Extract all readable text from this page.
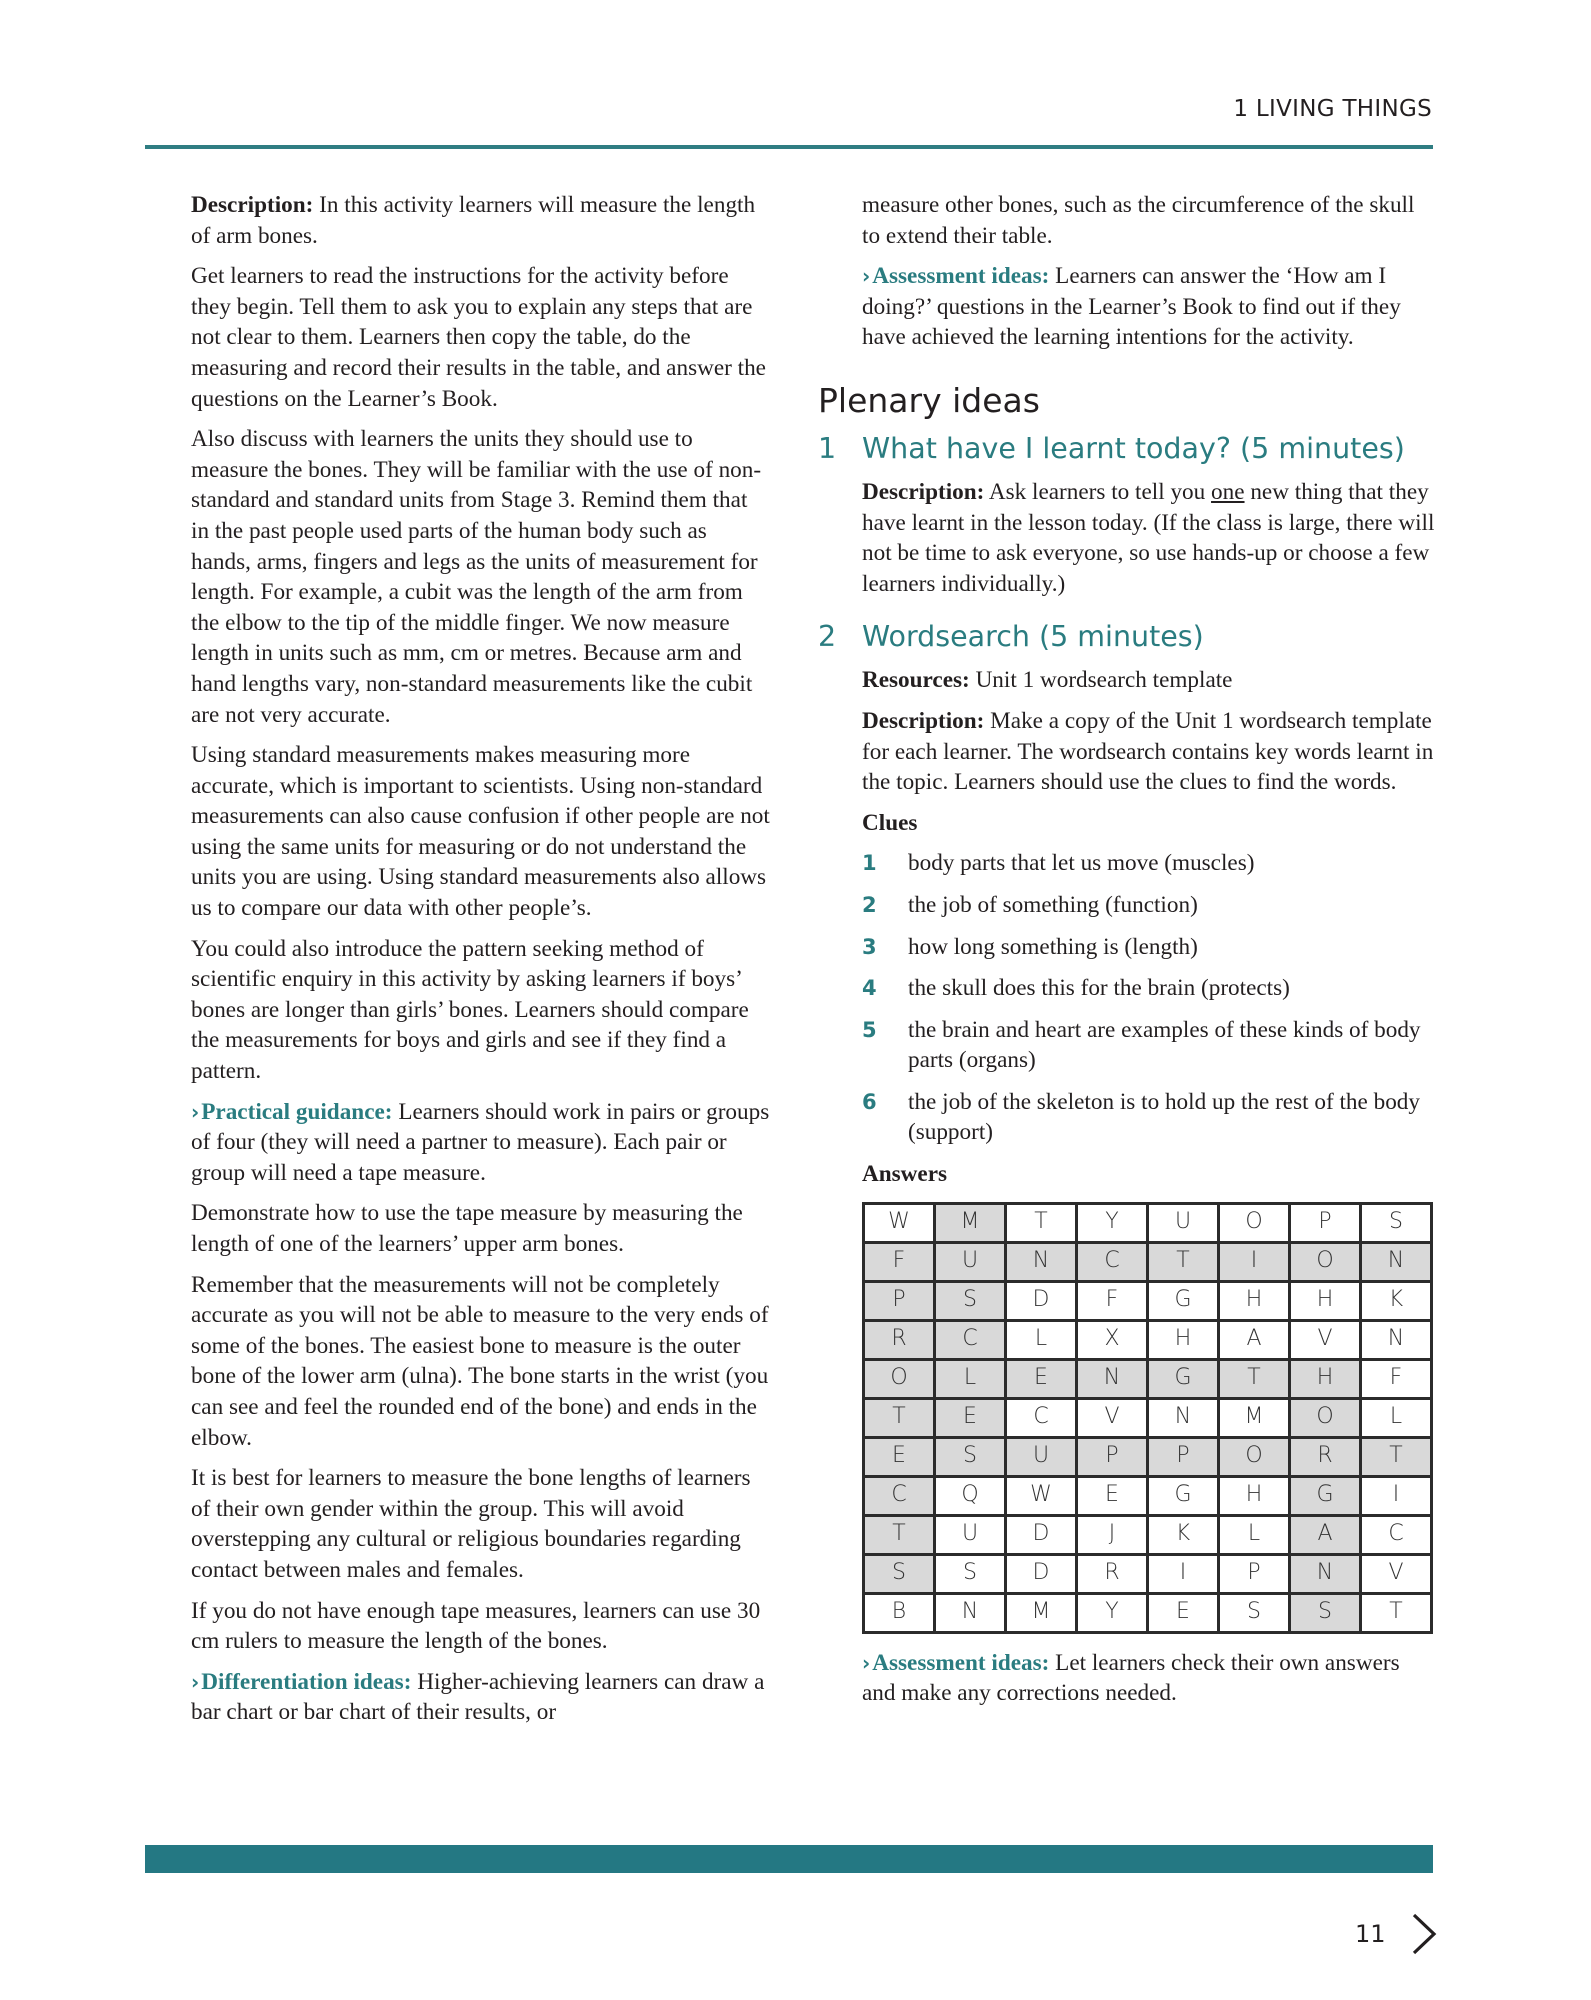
1 LIVING THINGS

Description: In this activity learners will measure the length of arm bones.

Get learners to read the instructions for the activity before they begin. Tell them to ask you to explain any steps that are not clear to them. Learners then copy the table, do the measuring and record their results in the table, and answer the questions on the Learner’s Book.

Also discuss with learners the units they should use to measure the bones. They will be familiar with the use of non-standard and standard units from Stage 3. Remind them that in the past people used parts of the human body such as hands, arms, fingers and legs as the units of measurement for length. For example, a cubit was the length of the arm from the elbow to the tip of the middle finger. We now measure length in units such as mm, cm or metres. Because arm and hand lengths vary, non-standard measurements like the cubit are not very accurate.

Using standard measurements makes measuring more accurate, which is important to scientists. Using non-standard measurements can also cause confusion if other people are not using the same units for measuring or do not understand the units you are using. Using standard measurements also allows us to compare our data with other people’s.

You could also introduce the pattern seeking method of scientific enquiry in this activity by asking learners if boys’ bones are longer than girls’ bones. Learners should compare the measurements for boys and girls and see if they find a pattern.

›Practical guidance: Learners should work in pairs or groups of four (they will need a partner to measure). Each pair or group will need a tape measure.

Demonstrate how to use the tape measure by measuring the length of one of the learners’ upper arm bones.

Remember that the measurements will not be completely accurate as you will not be able to measure to the very ends of some of the bones. The easiest bone to measure is the outer bone of the lower arm (ulna). The bone starts in the wrist (you can see and feel the rounded end of the bone) and ends in the elbow.

It is best for learners to measure the bone lengths of learners of their own gender within the group. This will avoid overstepping any cultural or religious boundaries regarding contact between males and females.

If you do not have enough tape measures, learners can use 30 cm rulers to measure the length of the bones.

›Differentiation ideas: Higher-achieving learners can draw a bar chart or bar chart of their results, or

measure other bones, such as the circumference of the skull to extend their table.

›Assessment ideas: Learners can answer the ‘How am I doing?’ questions in the Learner’s Book to find out if they have achieved the learning intentions for the activity.

Plenary ideas
1 What have I learnt today? (5 minutes)

Description: Ask learners to tell you one new thing that they have learnt in the lesson today. (If the class is large, there will not be time to ask everyone, so use hands-up or choose a few learners individually.)

2 Wordsearch (5 minutes)

Resources: Unit 1 wordsearch template

Description: Make a copy of the Unit 1 wordsearch template for each learner. The wordsearch contains key words learnt in the topic. Learners should use the clues to find the words.

Clues

1	body parts that let us move (muscles)
2	the job of something (function)
3	how long something is (length)
4	the skull does this for the brain (protects)
5	the brain and heart are examples of these kinds of body parts (organs)
6	the job of the skeleton is to hold up the rest of the body (support)

Answers

W	M	T	Y	U	O	P	S
F	U	N	C	T	I	O	N
P	S	D	F	G	H	H	K
R	C	L	X	H	A	V	N
O	L	E	N	G	T	H	F
T	E	C	V	N	M	O	L
E	S	U	P	P	O	R	T
C	Q	W	E	G	H	G	I
T	U	D	J	K	L	A	C
S	S	D	R	I	P	N	V
B	N	M	Y	E	S	S	T

›Assessment ideas: Let learners check their own answers and make any corrections needed.

11
